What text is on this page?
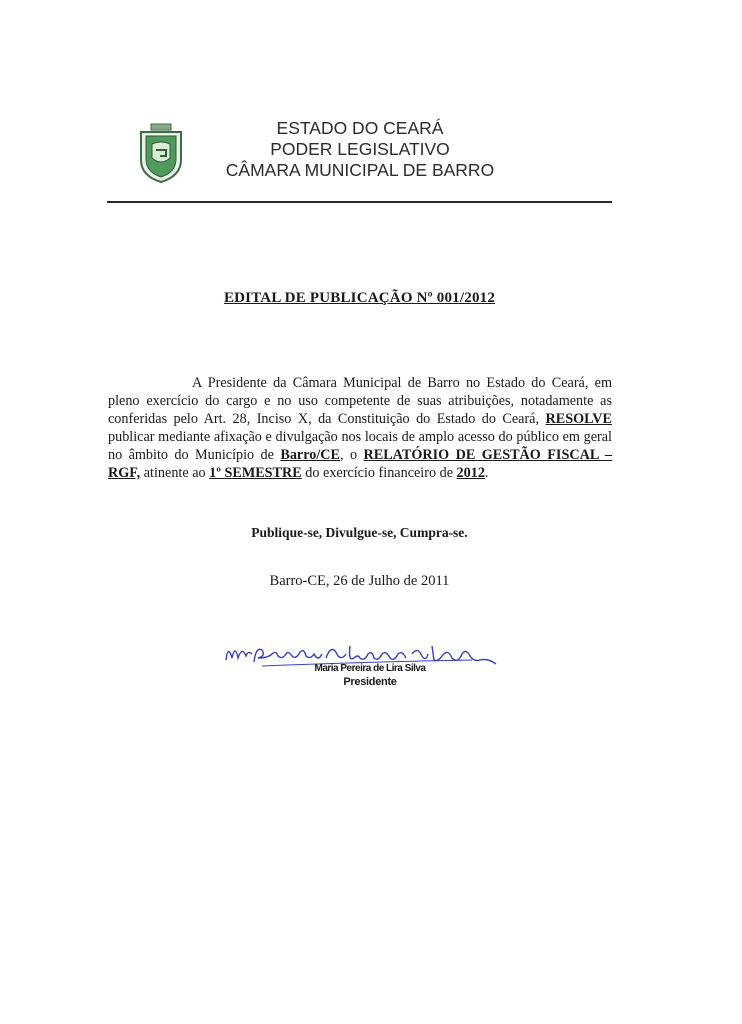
ESTADO DO CEARÁ
PODER LEGISLATIVO
CÂMARA MUNICIPAL DE BARRO
EDITAL DE PUBLICAÇÃO Nº 001/2012
A Presidente da Câmara Municipal de Barro no Estado do Ceará, em pleno exercício do cargo e no uso competente de suas atribuições, notadamente as conferidas pelo Art. 28, Inciso X, da Constituição do Estado do Ceará, RESOLVE publicar mediante afixação e divulgação nos locais de amplo acesso do público em geral no âmbito do Município de Barro/CE, o RELATÓRIO DE GESTÃO FISCAL – RGF, atinente ao 1º SEMESTRE do exercício financeiro de 2012.
Publique-se, Divulgue-se, Cumpra-se.
Barro-CE, 26 de Julho de 2011
Maria Pereira de Lira Silva
Presidente
